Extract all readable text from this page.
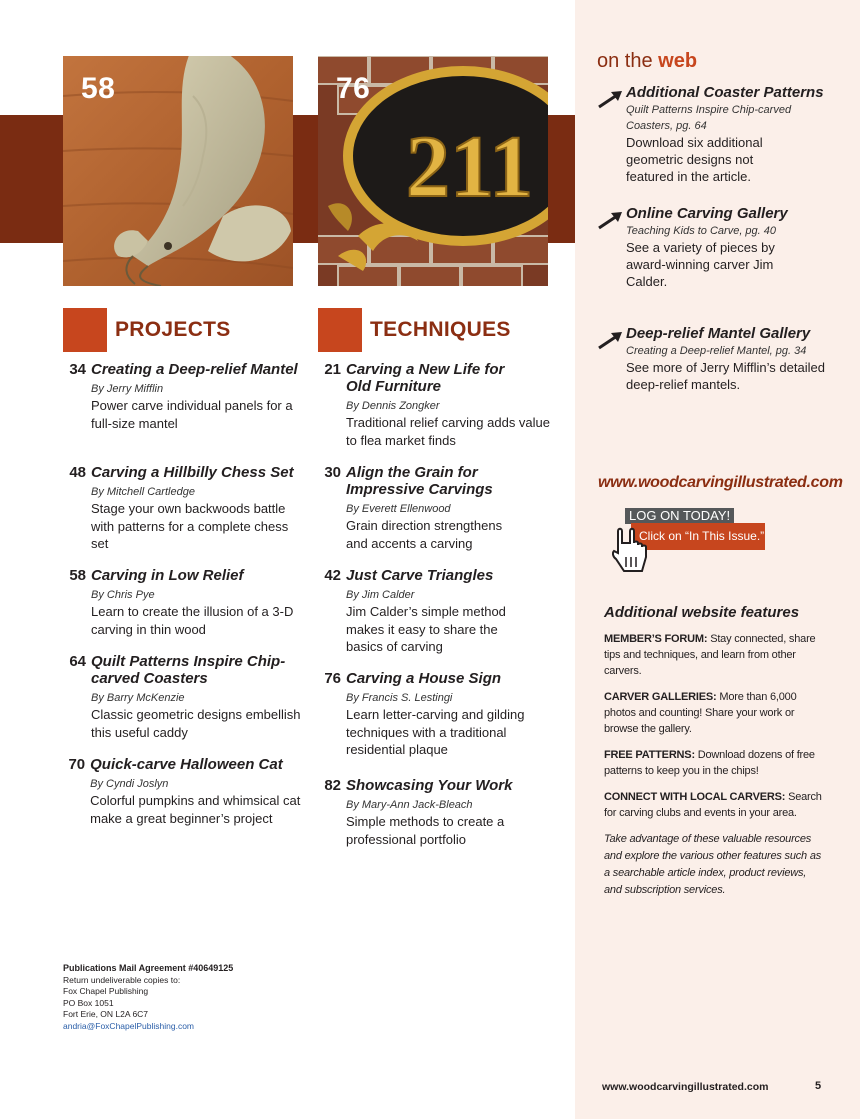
58
211
76
PROJECTS	TECHNIQUES
34 Creating a Deep-relief Mantel
By Jerry Mifflin
Power carve individual panels for a full-size mantel
48 Carving a Hillbilly Chess Set
By Mitchell Cartledge
Stage your own backwoods battle with patterns for a complete chess set
58 Carving in Low Relief
By Chris Pye
Learn to create the illusion of a 3-D carving in thin wood
64 Quilt Patterns Inspire Chip-carved Coasters
By Barry McKenzie
Classic geometric designs embellish this useful caddy
70 Quick-carve Halloween Cat
By Cyndi Joslyn
Colorful pumpkins and whimsical cat make a great beginner’s project
21 Carving a New Life for Old Furniture
By Dennis Zongker
Traditional relief carving adds value to flea market finds
30 Align the Grain for Impressive Carvings
By Everett Ellenwood
Grain direction strengthens and accents a carving
42 Just Carve Triangles
By Jim Calder
Jim Calder’s simple method makes it easy to share the basics of carving
76 Carving a House Sign
By Francis S. Lestingi
Learn letter-carving and gilding techniques with a traditional residential plaque
82 Showcasing Your Work
By Mary-Ann Jack-Bleach
Simple methods to create a professional portfolio
on the web
Additional Coaster Patterns
Quilt Patterns Inspire Chip-carved Coasters, pg. 64
Download six additional geometric designs not featured in the article.
Online Carving Gallery
Teaching Kids to Carve, pg. 40
See a variety of pieces by award-winning carver Jim Calder.
Deep-relief Mantel Gallery
Creating a Deep-relief Mantel, pg. 34
See more of Jerry Mifflin’s detailed deep-relief mantels.
www.woodcarvingillustrated.com
LOG ON TODAY!
Click on “In This Issue.”
Additional website features
MEMBER’S FORUM: Stay connected, share tips and techniques, and learn from other carvers.
CARVER GALLERIES: More than 6,000 photos and counting! Share your work or browse the gallery.
FREE PATTERNS: Download dozens of free patterns to keep you in the chips!
CONNECT WITH LOCAL CARVERS: Search for carving clubs and events in your area.
Take advantage of these valuable resources and explore the various other features such as a searchable article index, product reviews, and subscription services.
Publications Mail Agreement #40649125
Return undeliverable copies to:
Fox Chapel Publishing
PO Box 1051
Fort Erie, ON L2A 6C7
andria@FoxChapelPublishing.com
www.woodcarvingillustrated.com	5
